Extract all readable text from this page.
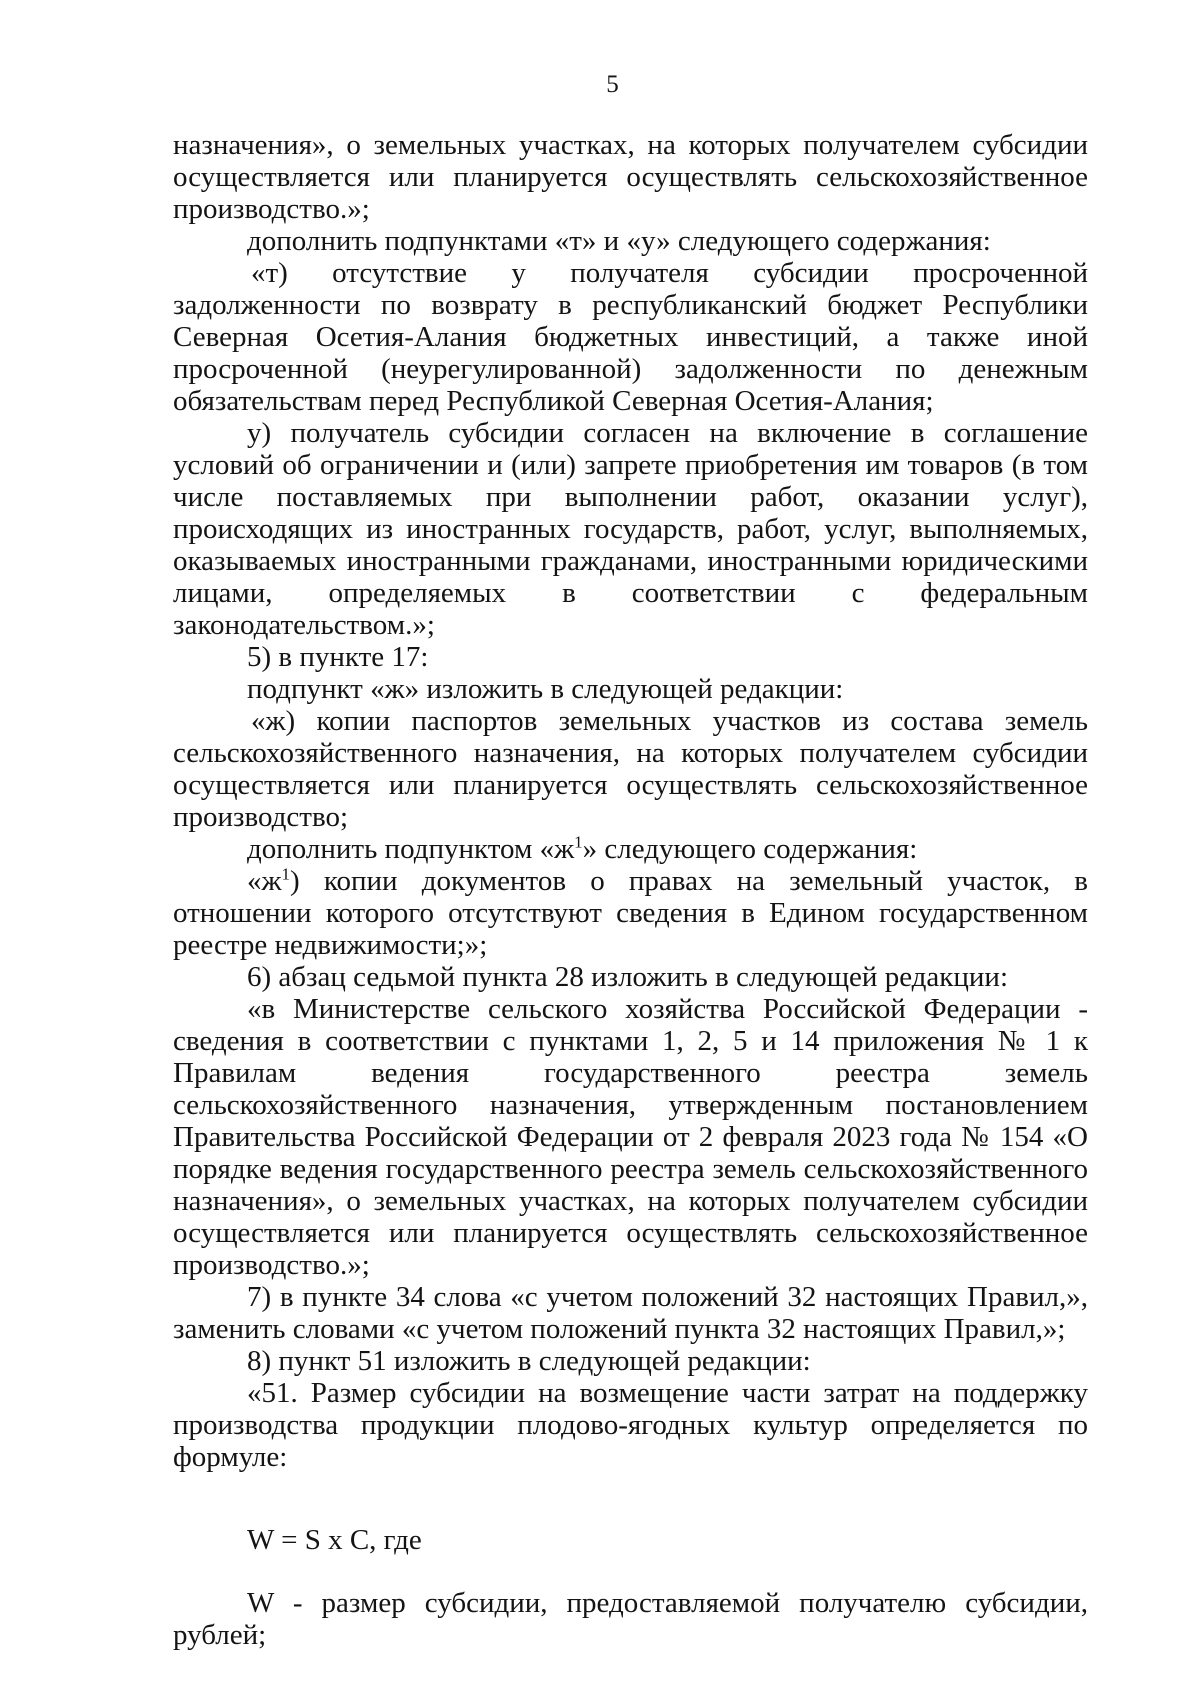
5

назначения», о земельных участках, на которых получателем субсидии осуществляется или планируется осуществлять сельскохозяйственное производство.»;

дополнить подпунктами «т» и «у» следующего содержания:

«т) отсутствие у получателя субсидии просроченной задолженности по возврату в республиканский бюджет Республики Северная Осетия-Алания бюджетных инвестиций, а также иной просроченной (неурегулированной) задолженности по денежным обязательствам перед Республикой Северная Осетия-Алания;

у) получатель субсидии согласен на включение в соглашение условий об ограничении и (или) запрете приобретения им товаров (в том числе поставляемых при выполнении работ, оказании услуг), происходящих из иностранных государств, работ, услуг, выполняемых, оказываемых иностранными гражданами, иностранными юридическими лицами, определяемых в соответствии с федеральным законодательством.»;

5) в пункте 17:

подпункт «ж» изложить в следующей редакции:

«ж) копии паспортов земельных участков из состава земель сельскохозяйственного назначения, на которых получателем субсидии осуществляется или планируется осуществлять сельскохозяйственное производство;

дополнить подпунктом «$ж^1$» следующего содержания:

«$ж^1$) копии документов о правах на земельный участок, в отношении которого отсутствуют сведения в Едином государственном реестре недвижимости;»;

6) абзац седьмой пункта 28 изложить в следующей редакции:

«в Министерстве сельского хозяйства Российской Федерации - сведения в соответствии с пунктами 1, 2, 5 и 14 приложения № 1 к Правилам ведения государственного реестра земель сельскохозяйственного назначения, утвержденным постановлением Правительства Российской Федерации от 2 февраля 2023 года № 154 «О порядке ведения государственного реестра земель сельскохозяйственного назначения», о земельных участках, на которых получателем субсидии осуществляется или планируется осуществлять сельскохозяйственное производство.»;

7) в пункте 34 слова «с учетом положений 32 настоящих Правил,», заменить словами «с учетом положений пункта 32 настоящих Правил,»;

8) пункт 51 изложить в следующей редакции:

«51. Размер субсидии на возмещение части затрат на поддержку производства продукции плодово-ягодных культур определяется по формуле:

W = S x C, где

W - размер субсидии, предоставляемой получателю субсидии, рублей;
